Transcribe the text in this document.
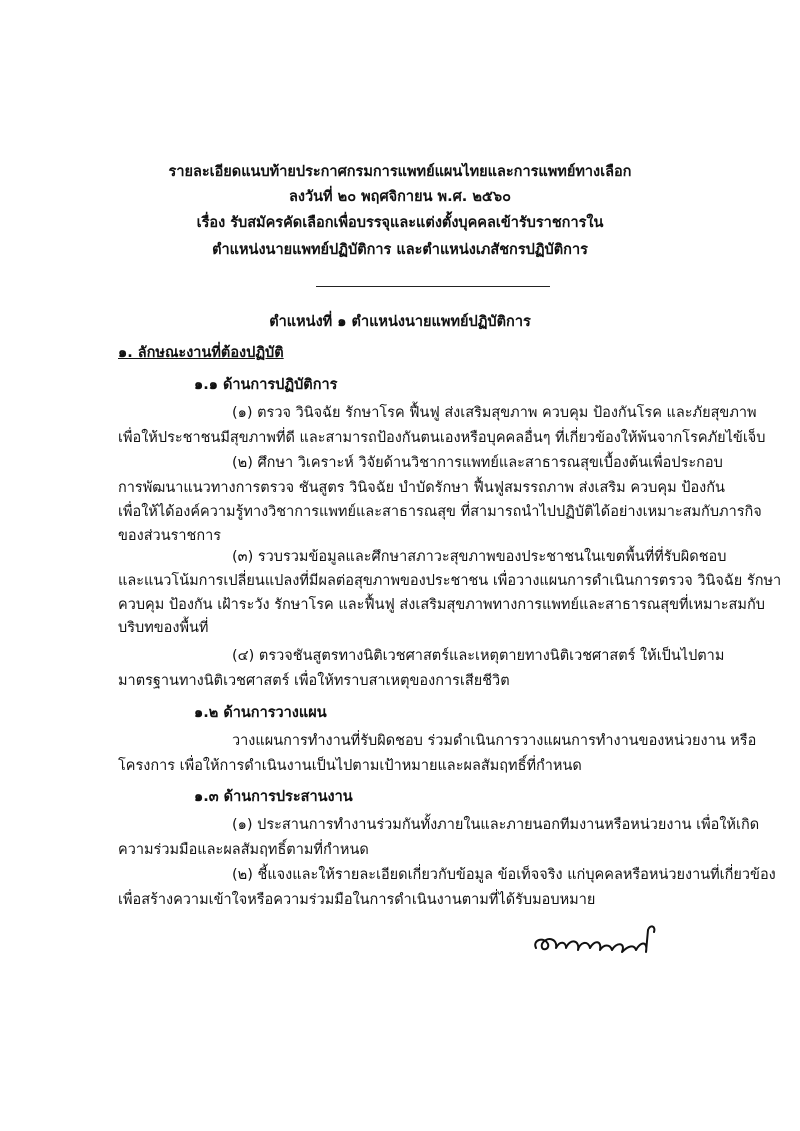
รายละเอียดแนบท้ายประกาศกรมการแพทย์แผนไทยและการแพทย์ทางเลือก
ลงวันที่ ๒๐ พฤศจิกายน พ.ศ. ๒๕๖๐
เรื่อง รับสมัครคัดเลือกเพื่อบรรจุและแต่งตั้งบุคคลเข้ารับราชการใน
ตำแหน่งนายแพทย์ปฏิบัติการ และตำแหน่งเภสัชกรปฏิบัติการ
ตำแหน่งที่ ๑ ตำแหน่งนายแพทย์ปฏิบัติการ
๑. ลักษณะงานที่ต้องปฏิบัติ
๑.๑ ด้านการปฏิบัติการ
(๑) ตรวจ วินิจฉัย รักษาโรค ฟื้นฟู ส่งเสริมสุขภาพ ควบคุม ป้องกันโรค และภัยสุขภาพ
เพื่อให้ประชาชนมีสุขภาพที่ดี และสามารถป้องกันตนเองหรือบุคคลอื่นๆ ที่เกี่ยวข้องให้พ้นจากโรคภัยไข้เจ็บ
(๒) ศึกษา วิเคราะห์ วิจัยด้านวิชาการแพทย์และสาธารณสุขเบื้องต้นเพื่อประกอบ
การพัฒนาแนวทางการตรวจ ชันสูตร วินิจฉัย บำบัดรักษา ฟื้นฟูสมรรถภาพ ส่งเสริม ควบคุม ป้องกัน
เพื่อให้ได้องค์ความรู้ทางวิชาการแพทย์และสาธารณสุข ที่สามารถนำไปปฏิบัติได้อย่างเหมาะสมกับภารกิจ
ของส่วนราชการ
(๓) รวบรวมข้อมูลและศึกษาสภาวะสุขภาพของประชาชนในเขตพื้นที่ที่รับผิดชอบ
และแนวโน้มการเปลี่ยนแปลงที่มีผลต่อสุขภาพของประชาชน เพื่อวางแผนการดำเนินการตรวจ วินิจฉัย รักษา
ควบคุม ป้องกัน เฝ้าระวัง รักษาโรค และฟื้นฟู ส่งเสริมสุขภาพทางการแพทย์และสาธารณสุขที่เหมาะสมกับ
บริบทของพื้นที่
(๔) ตรวจชันสูตรทางนิติเวชศาสตร์และเหตุตายทางนิติเวชศาสตร์ ให้เป็นไปตาม
มาตรฐานทางนิติเวชศาสตร์ เพื่อให้ทราบสาเหตุของการเสียชีวิต
๑.๒ ด้านการวางแผน
วางแผนการทำงานที่รับผิดชอบ ร่วมดำเนินการวางแผนการทำงานของหน่วยงาน หรือ
โครงการ เพื่อให้การดำเนินงานเป็นไปตามเป้าหมายและผลสัมฤทธิ์ที่กำหนด
๑.๓ ด้านการประสานงาน
(๑) ประสานการทำงานร่วมกันทั้งภายในและภายนอกทีมงานหรือหน่วยงาน เพื่อให้เกิด
ความร่วมมือและผลสัมฤทธิ์ตามที่กำหนด
(๒) ชี้แจงและให้รายละเอียดเกี่ยวกับข้อมูล ข้อเท็จจริง แก่บุคคลหรือหน่วยงานที่เกี่ยวข้อง
เพื่อสร้างความเข้าใจหรือความร่วมมือในการดำเนินงานตามที่ได้รับมอบหมาย
